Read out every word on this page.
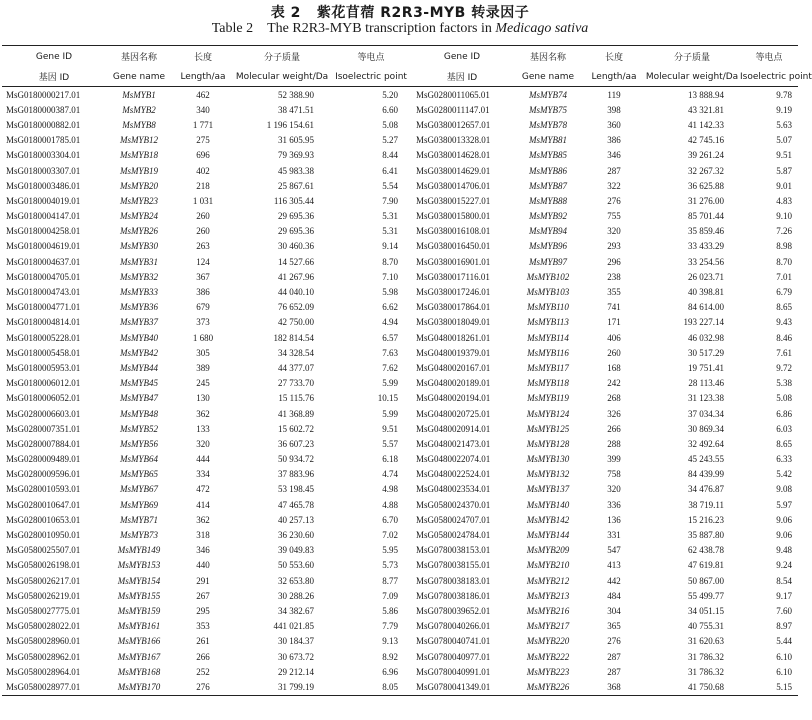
表 2 紫花苜蓿 R2R3-MYB 转录因子
Table 2 The R2R3-MYB transcription factors in Medicago sativa
Gene ID	基因名称	长度	分子质量	等电点	Gene ID	基因名称	长度	分子质量	等电点
基因 ID	Gene name	Length/aa	Molecular weight/Da	Isoelectric point	基因 ID	Gene name	Length/aa	Molecular weight/Da	Isoelectric point
MsG0180000217.01	MsMYB1	462	52 388.90	5.20	MsG0280011065.01	MsMYB74	119	13 888.94	9.78
MsG0180000387.01	MsMYB2	340	38 471.51	6.60	MsG0280011147.01	MsMYB75	398	43 321.81	9.19
MsG0180000882.01	MsMYB8	1 771	1 196 154.61	5.08	MsG0380012657.01	MsMYB78	360	41 142.33	5.63
MsG0180001785.01	MsMYB12	275	31 605.95	5.27	MsG0380013328.01	MsMYB81	386	42 745.16	5.07
MsG0180003304.01	MsMYB18	696	79 369.93	8.44	MsG0380014628.01	MsMYB85	346	39 261.24	9.51
MsG0180003307.01	MsMYB19	402	45 983.38	6.41	MsG0380014629.01	MsMYB86	287	32 267.32	5.87
MsG0180003486.01	MsMYB20	218	25 867.61	5.54	MsG0380014706.01	MsMYB87	322	36 625.88	9.01
MsG0180004019.01	MsMYB23	1 031	116 305.44	7.90	MsG0380015227.01	MsMYB88	276	31 276.00	4.83
MsG0180004147.01	MsMYB24	260	29 695.36	5.31	MsG0380015800.01	MsMYB92	755	85 701.44	9.10
MsG0180004258.01	MsMYB26	260	29 695.36	5.31	MsG0380016108.01	MsMYB94	320	35 859.46	7.26
MsG0180004619.01	MsMYB30	263	30 460.36	9.14	MsG0380016450.01	MsMYB96	293	33 433.29	8.98
MsG0180004637.01	MsMYB31	124	14 527.66	8.70	MsG0380016901.01	MsMYB97	296	33 254.56	8.70
MsG0180004705.01	MsMYB32	367	41 267.96	7.10	MsG0380017116.01	MsMYB102	238	26 023.71	7.01
MsG0180004743.01	MsMYB33	386	44 040.10	5.98	MsG0380017246.01	MsMYB103	355	40 398.81	6.79
MsG0180004771.01	MsMYB36	679	76 652.09	6.62	MsG0380017864.01	MsMYB110	741	84 614.00	8.65
MsG0180004814.01	MsMYB37	373	42 750.00	4.94	MsG0380018049.01	MsMYB113	171	193 227.14	9.43
MsG0180005228.01	MsMYB40	1 680	182 814.54	6.57	MsG0480018261.01	MsMYB114	406	46 032.98	8.46
MsG0180005458.01	MsMYB42	305	34 328.54	7.63	MsG0480019379.01	MsMYB116	260	30 517.29	7.61
MsG0180005953.01	MsMYB44	389	44 377.07	7.62	MsG0480020167.01	MsMYB117	168	19 751.41	9.72
MsG0180006012.01	MsMYB45	245	27 733.70	5.99	MsG0480020189.01	MsMYB118	242	28 113.46	5.38
MsG0180006052.01	MsMYB47	130	15 115.76	10.15	MsG0480020194.01	MsMYB119	268	31 123.38	5.08
MsG0280006603.01	MsMYB48	362	41 368.89	5.99	MsG0480020725.01	MsMYB124	326	37 034.34	6.86
MsG0280007351.01	MsMYB52	133	15 602.72	9.51	MsG0480020914.01	MsMYB125	266	30 869.34	6.03
MsG0280007884.01	MsMYB56	320	36 607.23	5.57	MsG0480021473.01	MsMYB128	288	32 492.64	8.65
MsG0280009489.01	MsMYB64	444	50 934.72	6.18	MsG0480022074.01	MsMYB130	399	45 243.55	6.33
MsG0280009596.01	MsMYB65	334	37 883.96	4.74	MsG0480022524.01	MsMYB132	758	84 439.99	5.42
MsG0280010593.01	MsMYB67	472	53 198.45	4.98	MsG0480023534.01	MsMYB137	320	34 476.87	9.08
MsG0280010647.01	MsMYB69	414	47 465.78	4.88	MsG0580024370.01	MsMYB140	336	38 719.11	5.97
MsG0280010653.01	MsMYB71	362	40 257.13	6.70	MsG0580024707.01	MsMYB142	136	15 216.23	9.06
MsG0280010950.01	MsMYB73	318	36 230.60	7.02	MsG0580024784.01	MsMYB144	331	35 887.80	9.06
MsG0580025507.01	MsMYB149	346	39 049.83	5.95	MsG0780038153.01	MsMYB209	547	62 438.78	9.48
MsG0580026198.01	MsMYB153	440	50 553.60	5.73	MsG0780038155.01	MsMYB210	413	47 619.81	9.24
MsG0580026217.01	MsMYB154	291	32 653.80	8.77	MsG0780038183.01	MsMYB212	442	50 867.00	8.54
MsG0580026219.01	MsMYB155	267	30 288.26	7.09	MsG0780038186.01	MsMYB213	484	55 499.77	9.17
MsG0580027775.01	MsMYB159	295	34 382.67	5.86	MsG0780039652.01	MsMYB216	304	34 051.15	7.60
MsG0580028022.01	MsMYB161	353	441 021.85	7.79	MsG0780040266.01	MsMYB217	365	40 755.31	8.97
MsG0580028960.01	MsMYB166	261	30 184.37	9.13	MsG0780040741.01	MsMYB220	276	31 620.63	5.44
MsG0580028962.01	MsMYB167	266	30 673.72	8.92	MsG0780040977.01	MsMYB222	287	31 786.32	6.10
MsG0580028964.01	MsMYB168	252	29 212.14	6.96	MsG0780040991.01	MsMYB223	287	31 786.32	6.10
MsG0580028977.01	MsMYB170	276	31 799.19	8.05	MsG0780041349.01	MsMYB226	368	41 750.68	5.15
